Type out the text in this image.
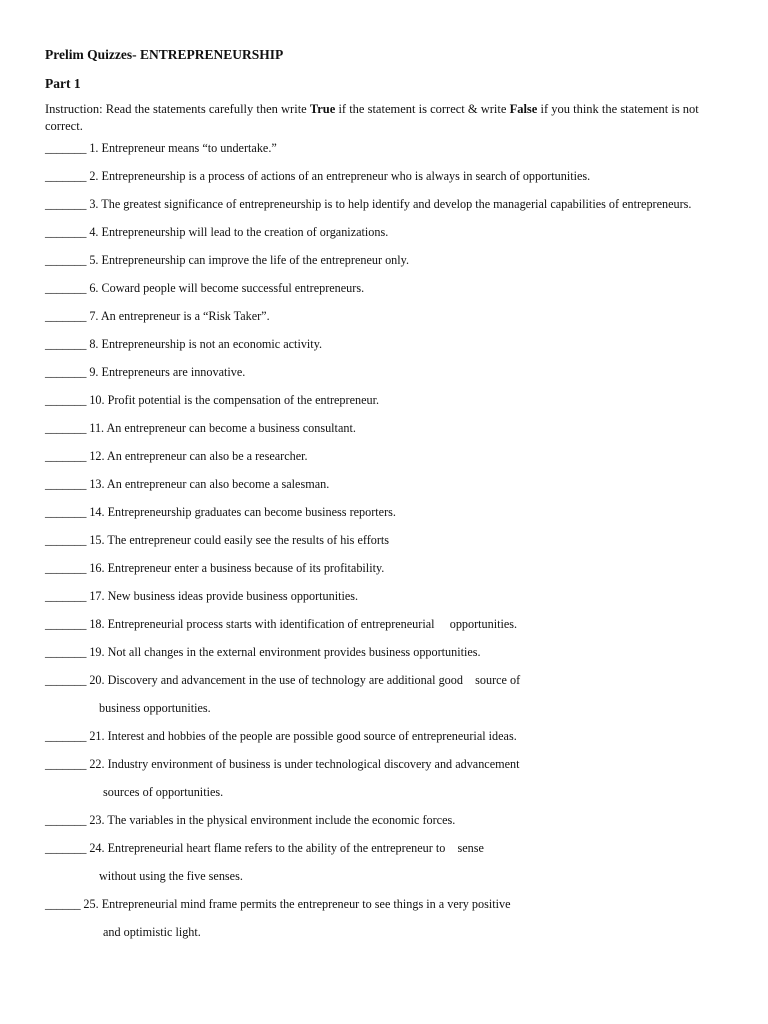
Prelim Quizzes- ENTREPRENEURSHIP
Part 1
Instruction: Read the statements carefully then write True if the statement is correct & write False if you think the statement is not correct.
_______ 1. Entrepreneur means “to undertake.”
_______ 2. Entrepreneurship is a process of actions of an entrepreneur who is always in search of opportunities.
_______ 3. The greatest significance of entrepreneurship is to help identify and develop the managerial capabilities of entrepreneurs.
_______ 4. Entrepreneurship will lead to the creation of organizations.
_______ 5. Entrepreneurship can improve the life of the entrepreneur only.
_______ 6. Coward people will become successful entrepreneurs.
_______ 7. An entrepreneur is a “Risk Taker”.
_______ 8. Entrepreneurship is not an economic activity.
_______ 9. Entrepreneurs are innovative.
_______ 10. Profit potential is the compensation of the entrepreneur.
_______ 11. An entrepreneur can become a business consultant.
_______ 12. An entrepreneur can also be a researcher.
_______ 13. An entrepreneur can also become a salesman.
_______ 14. Entrepreneurship graduates can become business reporters.
_______ 15. The entrepreneur could easily see the results of his efforts
_______ 16. Entrepreneur enter a business because of its profitability.
_______ 17. New business ideas provide business opportunities.
_______ 18. Entrepreneurial process starts with identification of entrepreneurial     opportunities.
_______ 19. Not all changes in the external environment provides business opportunities.
_______ 20. Discovery and advancement in the use of technology are additional good    source of
business opportunities.
_______ 21. Interest and hobbies of the people are possible good source of entrepreneurial ideas.
_______ 22. Industry environment of business is under technological discovery and advancement
sources of opportunities.
_______ 23. The variables in the physical environment include the economic forces.
_______ 24. Entrepreneurial heart flame refers to the ability of the entrepreneur to    sense
without using the five senses.
______ 25. Entrepreneurial mind frame permits the entrepreneur to see things in a very positive
and optimistic light.
